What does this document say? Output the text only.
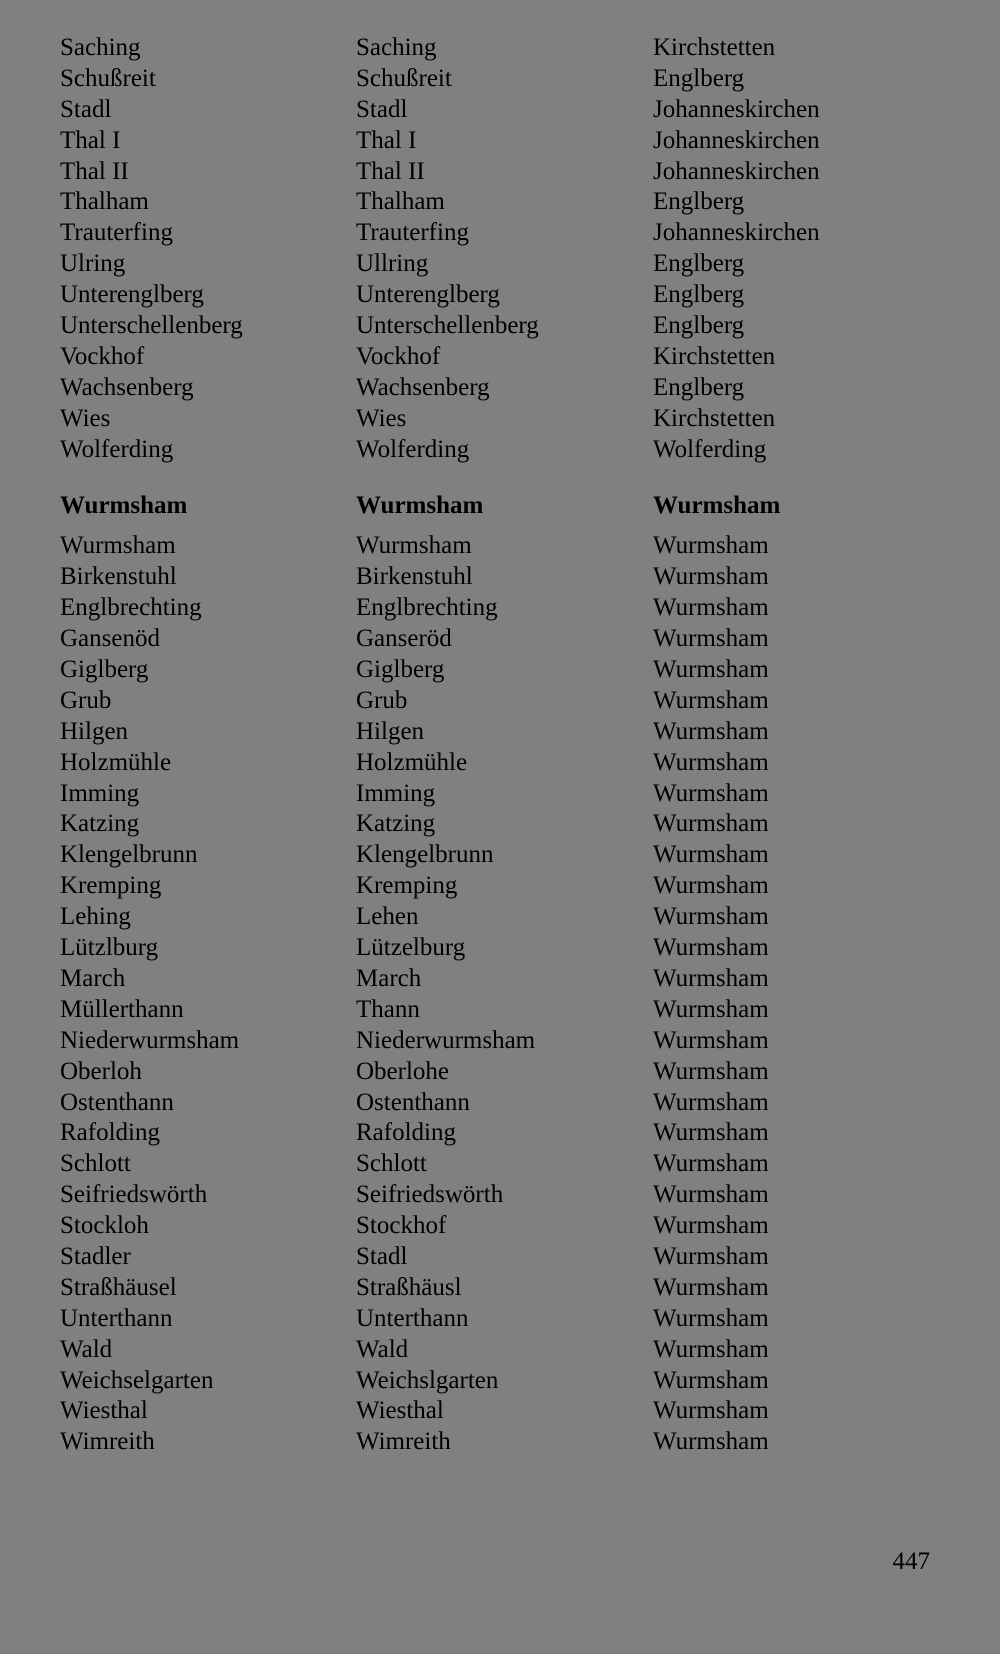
Saching
Schußreit
Stadl
Thal I
Thal II
Thalham
Trauterfing
Ulring
Unterenglberg
Unterschellenberg
Vockhof
Wachsenberg
Wies
Wolferding
Wurmsham
Wurmsham
Birkenstuhl
Englbrechting
Gansenöd
Giglberg
Grub
Hilgen
Holzmühle
Imming
Katzing
Klengelbrunn
Kremping
Lehing
Lützlburg
March
Müllerthann
Niederwurmsham
Oberloh
Ostenthann
Rafolding
Schlott
Seifriedswörth
Stockloh
Stadler
Straßhäusel
Unterthann
Wald
Weichselgarten
Wiesthal
Wimreith
Saching
Schußreit
Stadl
Thal I
Thal II
Thalham
Trauterfing
Ullring
Unterenglberg
Unterschellenberg
Vockhof
Wachsenberg
Wies
Wolferding
Wurmsham
Wurmsham
Birkenstuhl
Englbrechting
Ganseröd
Giglberg
Grub
Hilgen
Holzmühle
Imming
Katzing
Klengelbrunn
Kremping
Lehen
Lützelburg
March
Thann
Niederwurmsham
Oberlohe
Ostenthann
Rafolding
Schlott
Seifriedswörth
Stockhof
Stadl
Straßhäusl
Unterthann
Wald
Weichslgarten
Wiesthal
Wimreith
Kirchstetten
Englberg
Johanneskirchen
Johanneskirchen
Johanneskirchen
Englberg
Johanneskirchen
Englberg
Englberg
Englberg
Kirchstetten
Englberg
Kirchstetten
Wolferding
Wurmsham
Wurmsham
Wurmsham
Wurmsham
Wurmsham
Wurmsham
Wurmsham
Wurmsham
Wurmsham
Wurmsham
Wurmsham
Wurmsham
Wurmsham
Wurmsham
Wurmsham
Wurmsham
Wurmsham
Wurmsham
Wurmsham
Wurmsham
Wurmsham
Wurmsham
Wurmsham
Wurmsham
Wurmsham
Wurmsham
Wurmsham
Wurmsham
Wurmsham
Wurmsham
Wurmsham
447
